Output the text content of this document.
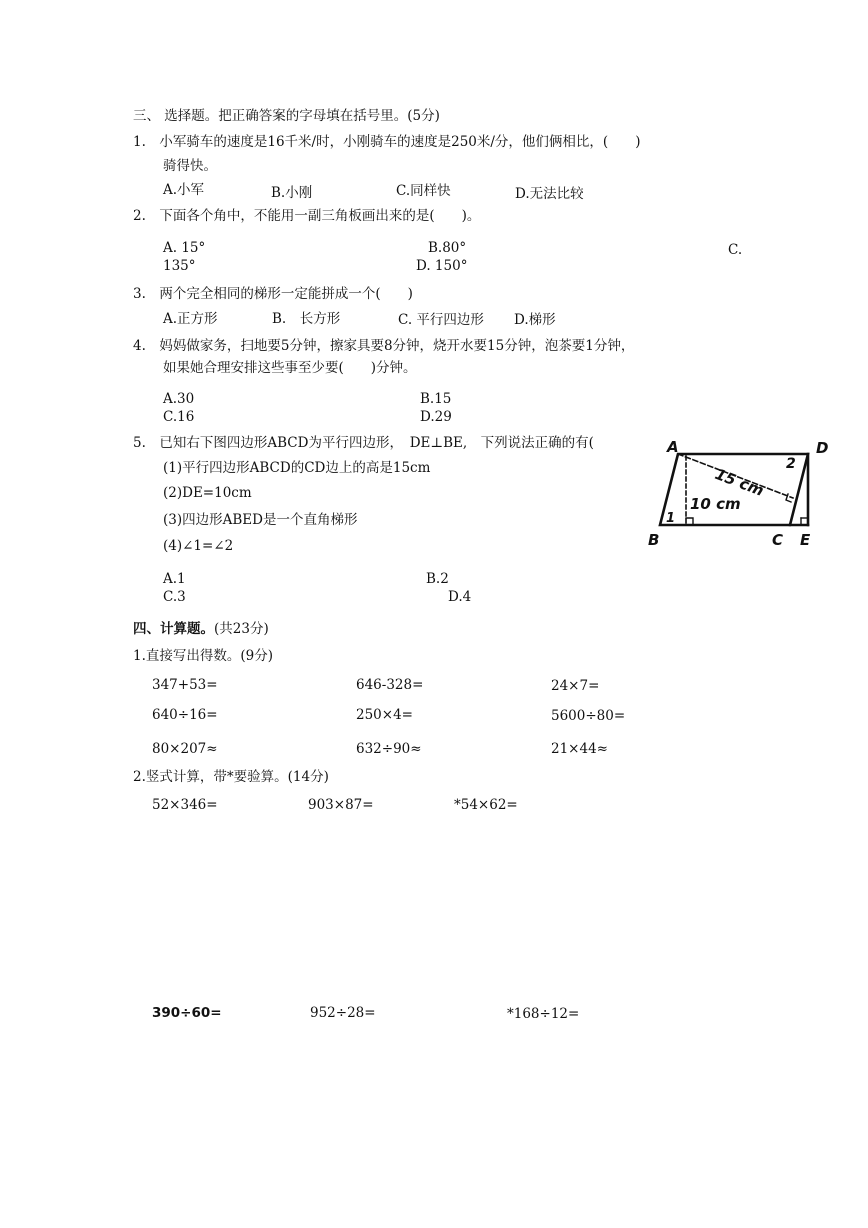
三、 选择题。把正确答案的字母填在括号里。(5分)
1.　小军骑车的速度是16千米/时，小刚骑车的速度是250米/分，他们俩相比，(　　)
骑得快。
A.小军	B.小刚	C.同样快	D.无法比较
2.　下面各个角中，不能用一副三角板画出来的是(　　)。
A. 15°	B.80°	C.
135°	D. 150°
3.　两个完全相同的梯形一定能拼成一个(　　)
A.正方形	B.　长方形	C. 平行四边形 D.梯形
4.　妈妈做家务，扫地要5分钟，擦家具要8分钟，烧开水要15分钟，泡茶要1分钟，
如果她合理安排这些事至少要(　　)分钟。
A.30	B.15
C.16	D.29
5.　已知右下图四边形ABCD为平行四边形，　DE⊥BE,　下列说法正确的有(
(1)平行四边形ABCD的CD边上的高是15cm
(2)DE=10cm
(3)四边形ABED是一个直角梯形
(4)∠1=∠2
A.1	B.2
C.3	D.4
A	D
B	C E
1
2
15 cm
10 cm
四、计算题。(共23分)
1.直接写出得数。(9分)
347+53=	646-328=	24×7=
640÷16=	250×4=	5600÷80=
80×207≈	632÷90≈	21×44≈
2.竖式计算，带*要验算。(14分)
52×346=	903×87=	*54×62=
390÷60=	952÷28=	*168÷12=
